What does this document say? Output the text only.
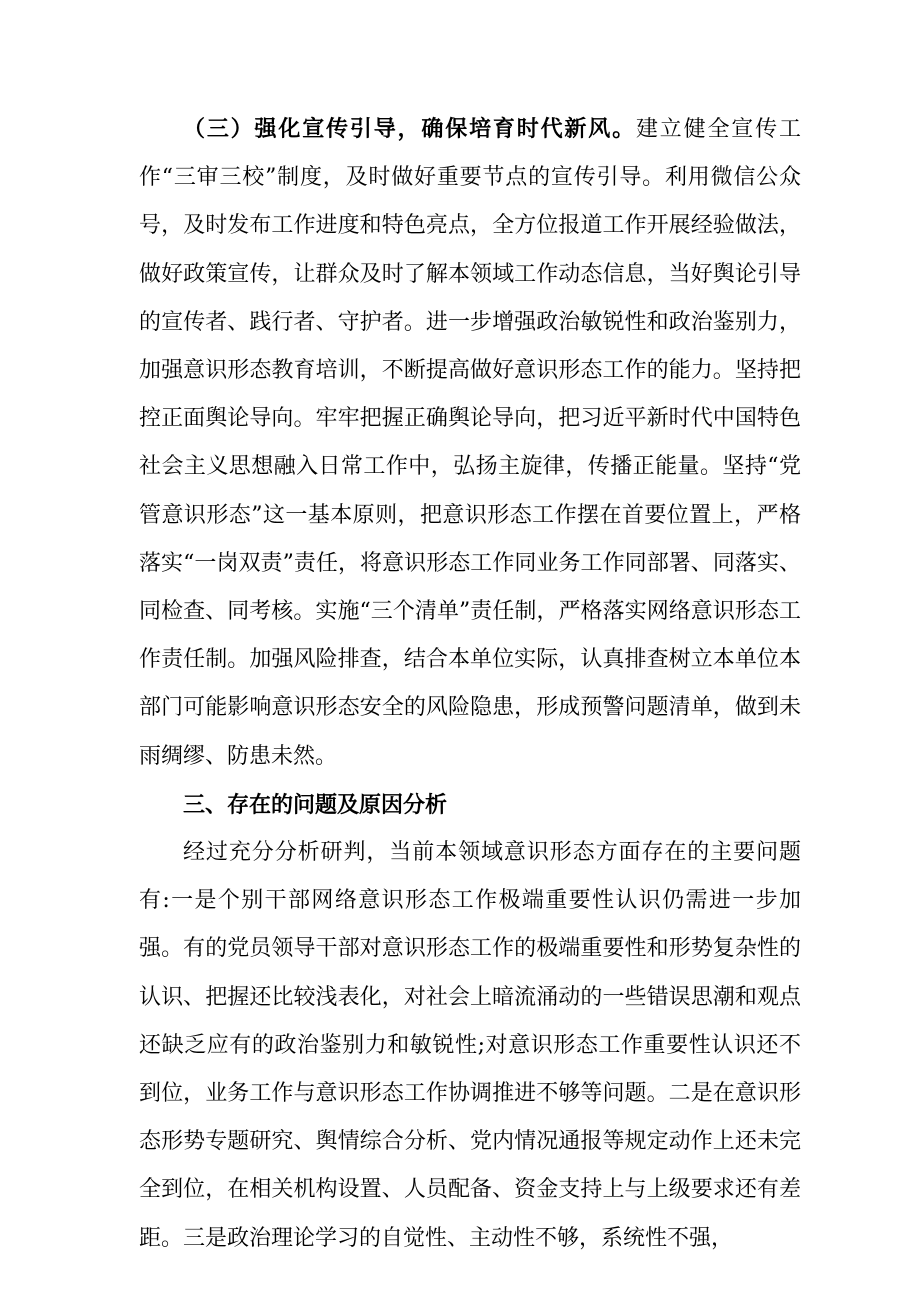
（三）强化宣传引导，确保培育时代新风。建立健全宣传工作“三审三校”制度，及时做好重要节点的宣传引导。利用微信公众号，及时发布工作进度和特色亮点，全方位报道工作开展经验做法，做好政策宣传，让群众及时了解本领域工作动态信息，当好舆论引导的宣传者、践行者、守护者。进一步增强政治敏锐性和政治鉴别力，加强意识形态教育培训，不断提高做好意识形态工作的能力。坚持把控正面舆论导向。牢牢把握正确舆论导向，把习近平新时代中国特色社会主义思想融入日常工作中，弘扬主旋律，传播正能量。坚持“党管意识形态”这一基本原则，把意识形态工作摆在首要位置上，严格落实“一岗双责”责任，将意识形态工作同业务工作同部署、同落实、同检查、同考核。实施“三个清单”责任制，严格落实网络意识形态工作责任制。加强风险排查，结合本单位实际，认真排查树立本单位本部门可能影响意识形态安全的风险隐患，形成预警问题清单，做到未雨绸缪、防患未然。

三、存在的问题及原因分析

经过充分分析研判，当前本领域意识形态方面存在的主要问题有:一是个别干部网络意识形态工作极端重要性认识仍需进一步加强。有的党员领导干部对意识形态工作的极端重要性和形势复杂性的认识、把握还比较浅表化，对社会上暗流涌动的一些错误思潮和观点还缺乏应有的政治鉴别力和敏锐性;对意识形态工作重要性认识还不到位，业务工作与意识形态工作协调推进不够等问题。二是在意识形态形势专题研究、舆情综合分析、党内情况通报等规定动作上还未完全到位，在相关机构设置、人员配备、资金支持上与上级要求还有差距。三是政治理论学习的自觉性、主动性不够，系统性不强，
